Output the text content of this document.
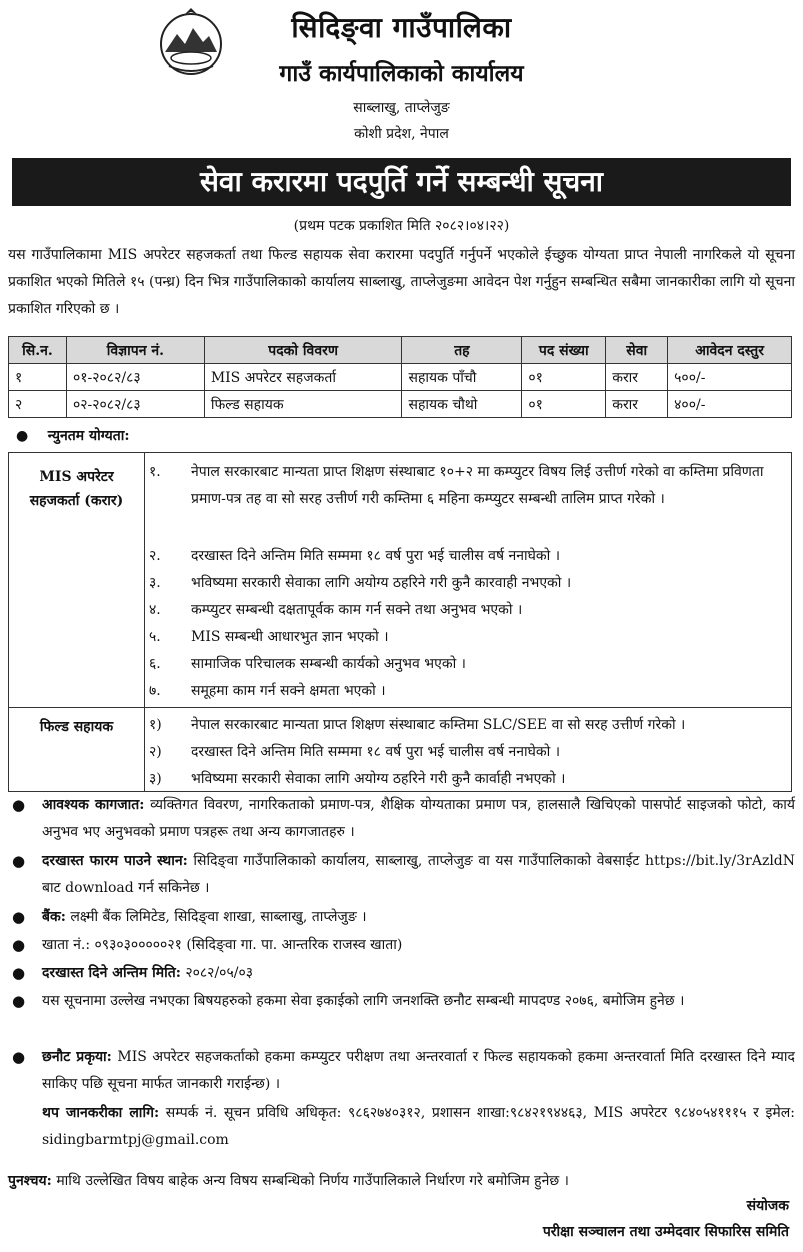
सिदिङ्वा गाउँपालिका
गाउँ कार्यपालिकाको कार्यालय
साब्लाखु, ताप्लेजुङ
कोशी प्रदेश, नेपाल
सेवा करारमा पदपुर्ति गर्ने सम्बन्धी सूचना
(प्रथम पटक प्रकाशित मिति २०८२।०४।२२)
यस गाउँपालिकामा MIS अपरेटर सहजकर्ता तथा फिल्ड सहायक सेवा करारमा पदपुर्ति गर्नुपर्ने भएकोले ईच्छुक योग्यता प्राप्त नेपाली नागरिकले यो सूचना प्रकाशित भएको मितिले १५ (पन्ध्र) दिन भित्र गाउँपालिकाको कार्यालय साब्लाखु, ताप्लेजुङमा आवेदन पेश गर्नुहुन सम्बन्धित सबैमा जानकारीका लागि यो सूचना प्रकाशित गरिएको छ ।
सि.न.	विज्ञापन नं.	पदको विवरण	तह	पद संख्या	सेवा	आवेदन दस्तुर
१	०१-२०८२/८३	MIS अपरेटर सहजकर्ता	सहायक पाँचौ	०१	करार	५००/-
२	०२-२०८२/८३	फिल्ड सहायक	सहायक चौथो	०१	करार	४००/-
●    न्युनतम योग्यता:
MIS अपरेटर
सहजकर्ता (करार)
१.	नेपाल सरकारबाट मान्यता प्राप्त शिक्षण संस्थाबाट १०+२ मा कम्प्युटर विषय लिई उत्तीर्ण गरेको वा कम्तिमा प्रविणता प्रमाण-पत्र तह वा सो सरह उत्तीर्ण गरी कम्तिमा ६ महिना कम्प्युटर सम्बन्धी तालिम प्राप्त गरेको ।
२.	दरखास्त दिने अन्तिम मिति सम्ममा १८ वर्ष पुरा भई चालीस वर्ष ननाघेको ।
३.	भविष्यमा सरकारी सेवाका लागि अयोग्य ठहरिने गरी कुनै कारवाही नभएको ।
४.	कम्प्युटर सम्बन्धी दक्षतापूर्वक काम गर्न सक्ने तथा अनुभव भएको ।
५.	MIS सम्बन्धी आधारभुत ज्ञान भएको ।
६.	सामाजिक परिचालक सम्बन्धी कार्यको अनुभव भएको ।
७.	समूहमा काम गर्न सक्ने क्षमता भएको ।
फिल्ड सहायक	१)	नेपाल सरकारबाट मान्यता प्राप्त शिक्षण संस्थाबाट कम्तिमा SLC/SEE वा सो सरह उत्तीर्ण गरेको ।
२)	दरखास्त दिने अन्तिम मिति सम्ममा १८ वर्ष पुरा भई चालीस वर्ष ननाघेको ।
३)	भविष्यमा सरकारी सेवाका लागि अयोग्य ठहरिने गरी कुनै कार्वाही नभएको ।
● आवश्यक कागजात: व्यक्तिगत विवरण, नागरिकताको प्रमाण-पत्र, शैक्षिक योग्यताका प्रमाण पत्र, हालसालै खिचिएको पासपोर्ट साइजको फोटो, कार्य अनुभव भए अनुभवको प्रमाण पत्रहरू तथा अन्य कागजातहरु ।
● दरखास्त फारम पाउने स्थान: सिदिङ्वा गाउँपालिकाको कार्यालय, साब्लाखु, ताप्लेजुङ वा यस गाउँपालिकाको वेबसाईट https://bit.ly/3rAzldN बाट download गर्न सकिनेछ ।
● बैंक: लक्ष्मी बैंक लिमिटेड, सिदिङ्वा शाखा, साब्लाखु, ताप्लेजुङ ।
● खाता नं.: ०९३०३०००००२१ (सिदिङ्वा गा. पा. आन्तरिक राजस्व खाता)
● दरखास्त दिने अन्तिम मिति: २०८२/०५/०३
● यस सूचनामा उल्लेख नभएका बिषयहरुको हकमा सेवा इकाईको लागि जनशक्ति छनौट सम्बन्धी मापदण्ड २०७६, बमोजिम हुनेछ ।
● छनौट प्रकृया: MIS अपरेटर सहजकर्ताको हकमा कम्प्युटर परीक्षण तथा अन्तरवार्ता र फिल्ड सहायकको हकमा अन्तरवार्ता मिति दरखास्त दिने म्याद साकिए पछि सूचना मार्फत जानकारी गराईन्छ) ।
थप जानकरीका लागि: सम्पर्क नं. सूचन प्रविधि अधिकृत: ९८६२७४०३१२, प्रशासन शाखा:९८४२१९४४६३, MIS अपरेटर ९८४०५४१११५ र इमेल: sidingbarmtpj@gmail.com
पुनश्चय: माथि उल्लेखित विषय बाहेक अन्य विषय सम्बन्धिको निर्णय गाउँपालिकाले निर्धारण गरे बमोजिम हुनेछ ।
संयोजक
परीक्षा सञ्चालन तथा उम्मेदवार सिफारिस समिति
